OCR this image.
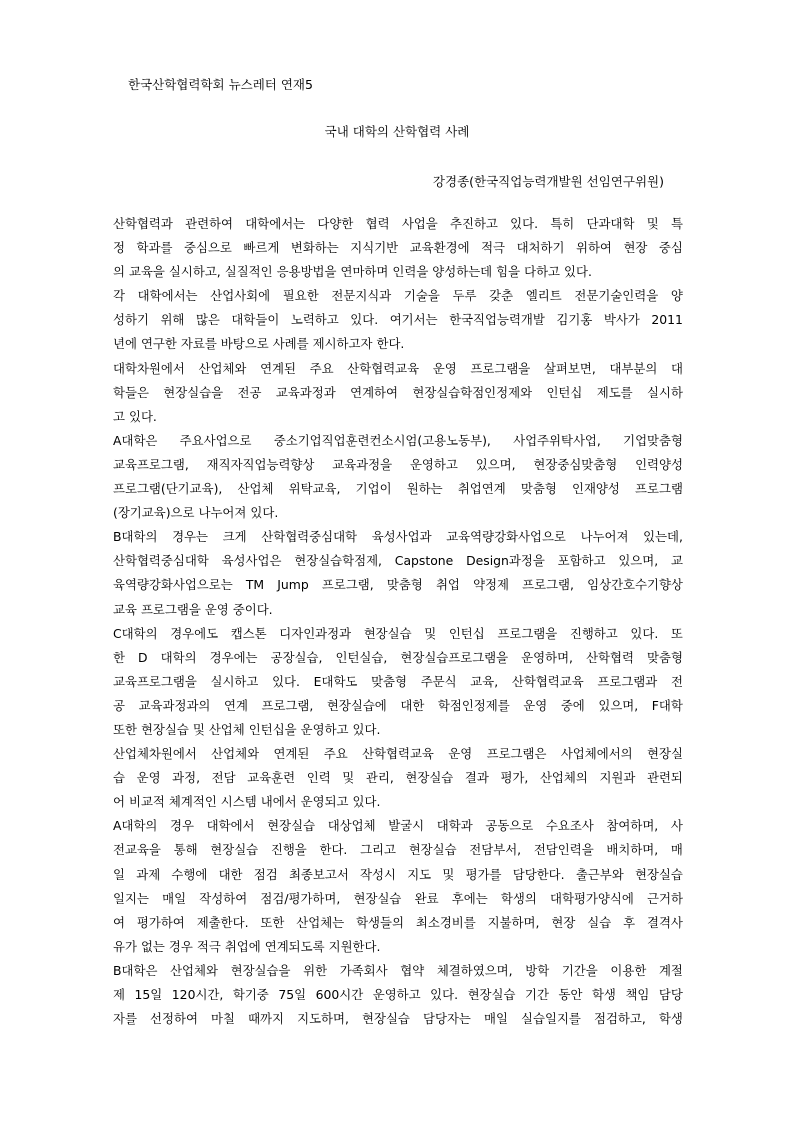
한국산학협력학회 뉴스레터 연재5
국내 대학의 산학협력 사례
강경종(한국직업능력개발원 선임연구위원)
산학협력과 관련하여 대학에서는 다양한 협력 사업을 추진하고 있다. 특히 단과대학 및 특
정 학과를 중심으로 빠르게 변화하는 지식기반 교육환경에 적극 대처하기 위하여 현장 중심
의 교육을 실시하고, 실질적인 응용방법을 연마하며 인력을 양성하는데 힘을 다하고 있다.
각 대학에서는 산업사회에 필요한 전문지식과 기술을 두루 갖춘 엘리트 전문기술인력을 양
성하기 위해 많은 대학들이 노력하고 있다. 여기서는 한국직업능력개발 김기홍 박사가 2011
년에 연구한 자료를 바탕으로 사례를 제시하고자 한다.
대학차원에서 산업체와 연계된 주요 산학협력교육 운영 프로그램을 살펴보면, 대부분의 대
학들은 현장실습을 전공 교육과정과 연계하여 현장실습학점인정제와 인턴십 제도를 실시하
고 있다.
A대학은 주요사업으로 중소기업직업훈련컨소시엄(고용노동부), 사업주위탁사업, 기업맞춤형
교육프로그램, 재직자직업능력향상 교육과정을 운영하고 있으며, 현장중심맞춤형 인력양성
프로그램(단기교육), 산업체 위탁교육, 기업이 원하는 취업연계 맞춤형 인재양성 프로그램
(장기교육)으로 나누어져 있다.
B대학의 경우는 크게 산학협력중심대학 육성사업과 교육역량강화사업으로 나누어져 있는데,
산학협력중심대학 육성사업은 현장실습학점제, Capstone Design과정을 포함하고 있으며, 교
육역량강화사업으로는 TM Jump 프로그램, 맞춤형 취업 약정제 프로그램, 임상간호수기향상
교육 프로그램을 운영 중이다.
C대학의 경우에도 캡스톤 디자인과정과 현장실습 및 인턴십 프로그램을 진행하고 있다. 또
한 D 대학의 경우에는 공장실습, 인턴실습, 현장실습프로그램을 운영하며, 산학협력 맞춤형
교육프로그램을 실시하고 있다. E대학도 맞춤형 주문식 교육, 산학협력교육 프로그램과 전
공 교육과정과의 연계 프로그램, 현장실습에 대한 학점인정제를 운영 중에 있으며, F대학
또한 현장실습 및 산업체 인턴십을 운영하고 있다.
산업체차원에서 산업체와 연계된 주요 산학협력교육 운영 프로그램은 사업체에서의 현장실
습 운영 과정, 전담 교육훈련 인력 및 관리, 현장실습 결과 평가, 산업체의 지원과 관련되
어 비교적 체계적인 시스템 내에서 운영되고 있다.
A대학의 경우 대학에서 현장실습 대상업체 발굴시 대학과 공동으로 수요조사 참여하며, 사
전교육을 통해 현장실습 진행을 한다. 그리고 현장실습 전담부서, 전담인력을 배치하며, 매
일 과제 수행에 대한 점검 최종보고서 작성시 지도 및 평가를 담당한다. 출근부와 현장실습
일지는 매일 작성하여 점검/평가하며, 현장실습 완료 후에는 학생의 대학평가양식에 근거하
여 평가하여 제출한다. 또한 산업체는 학생들의 최소경비를 지불하며, 현장 실습 후 결격사
유가 없는 경우 적극 취업에 연계되도록 지원한다.
B대학은 산업체와 현장실습을 위한 가족회사 협약 체결하였으며, 방학 기간을 이용한 계절
제 15일 120시간, 학기중 75일 600시간 운영하고 있다. 현장실습 기간 동안 학생 책임 담당
자를 선정하여 마칠 때까지 지도하며, 현장실습 담당자는 매일 실습일지를 점검하고, 학생
